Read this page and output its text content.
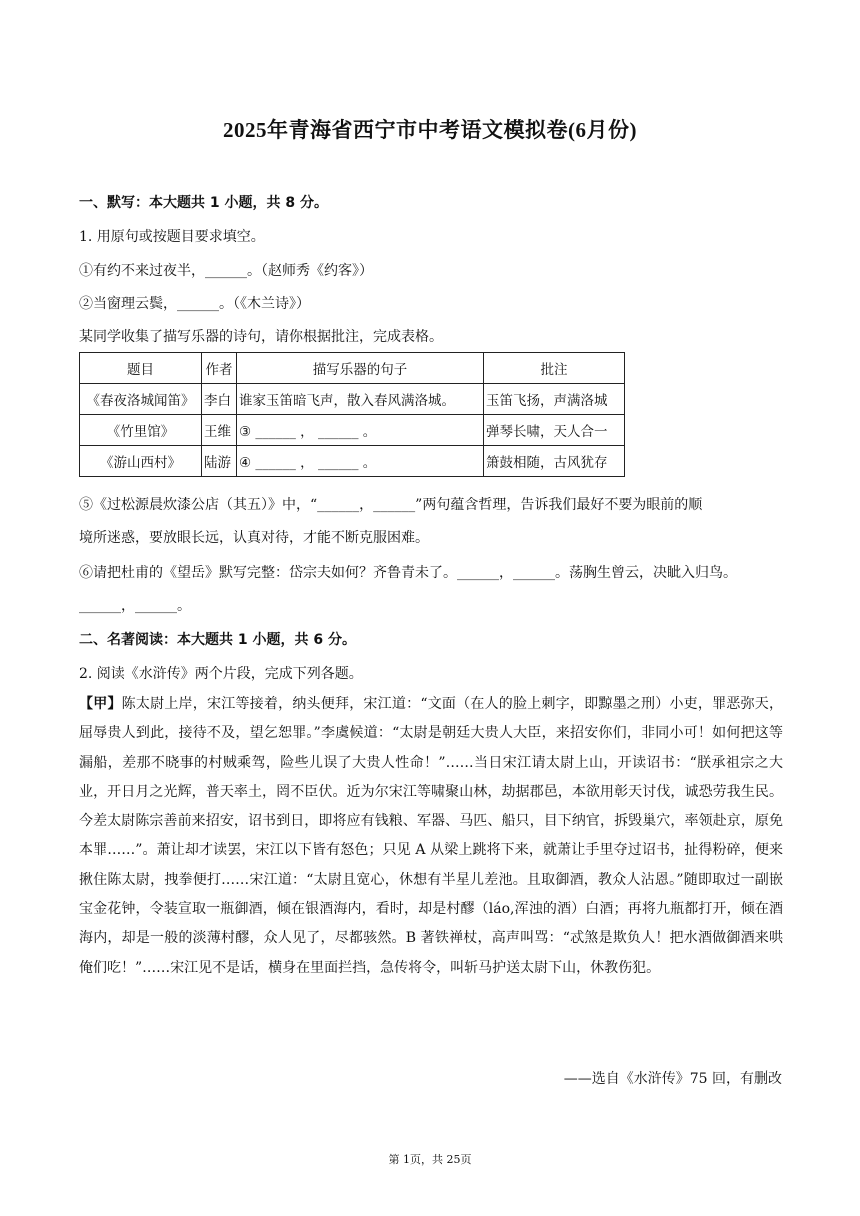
2025年青海省西宁市中考语文模拟卷(6月份)
一、默写：本大题共 1 小题，共 8 分。
1. 用原句或按题目要求填空。
①有约不来过夜半，______。（赵师秀《约客》）
②当窗理云鬓，______。（《木兰诗》）
某同学收集了描写乐器的诗句，请你根据批注，完成表格。
题目	作者	描写乐器的句子	批注
《春夜洛城闻笛》	李白	谁家玉笛暗飞声，散入春风满洛城。	玉笛飞扬，声满洛城
《竹里馆》	王维	③ ______ ， ______ 。	弹琴长啸，天人合一
《游山西村》	陆游	④ ______ ， ______ 。	箫鼓相随，古风犹存
⑤《过松源晨炊漆公店（其五）》中，“______，______”两句蕴含哲理，告诉我们最好不要为眼前的顺
境所迷惑，要放眼长远，认真对待，才能不断克服困难。
⑥请把杜甫的《望岳》默写完整：岱宗夫如何？齐鲁青未了。______，______。荡胸生曾云，决眦入归鸟。
______，______。
二、名著阅读：本大题共 1 小题，共 6 分。
2. 阅读《水浒传》两个片段，完成下列各题。
【甲】陈太尉上岸，宋江等接着，纳头便拜，宋江道：“文面（在人的脸上刺字，即黥墨之刑）小吏，罪恶弥天，屈辱贵人到此，接待不及，望乞恕罪。”李虞候道：“太尉是朝廷大贵人大臣，来招安你们，非同小可！如何把这等漏船，差那不晓事的村贼乘驾，险些儿误了大贵人性命！”……当日宋江请太尉上山，开读诏书：“朕承祖宗之大业，开日月之光辉，普天率土，罔不臣伏。近为尔宋江等啸聚山林，劫据郡邑，本欲用彰天讨伐，诚恐劳我生民。今差太尉陈宗善前来招安，诏书到日，即将应有钱粮、军器、马匹、船只，目下纳官，拆毁巢穴，率领赴京，原免本罪……”。萧让却才读罢，宋江以下皆有怒色；只见 A 从梁上跳将下来，就萧让手里夺过诏书，扯得粉碎，便来揪住陈太尉，拽拳便打……宋江道：“太尉且宽心，休想有半星儿差池。且取御酒，教众人沾恩。”随即取过一副嵌宝金花钟，令装宣取一瓶御酒，倾在银酒海内，看时，却是村醪（láo,浑浊的酒）白酒；再将九瓶都打开，倾在酒海内，却是一般的淡薄村醪，众人见了，尽都骇然。B 著铁禅杖，高声叫骂：“忒煞是欺负人！把水酒做御酒来哄俺们吃！”……宋江见不是话，横身在里面拦挡，急传将令，叫斩马护送太尉下山，休教伤犯。
——选自《水浒传》75 回，有删改
第 1页，共 25页
